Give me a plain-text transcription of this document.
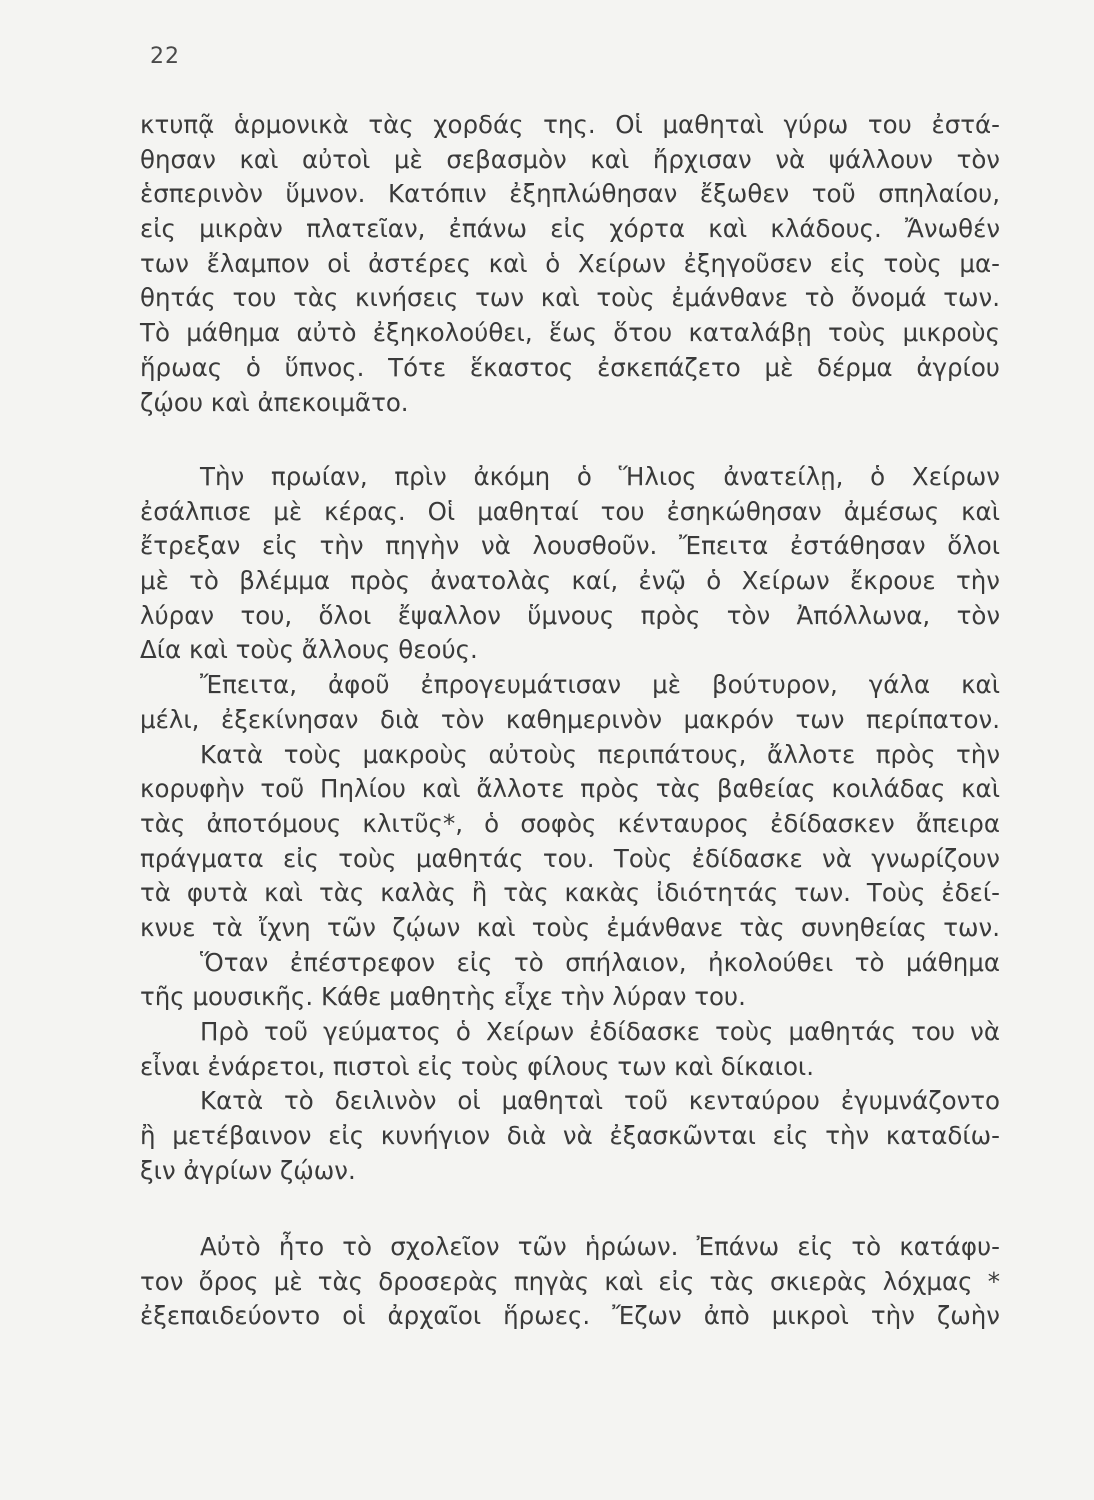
22
κτυπᾷ ἁρμονικὰ τὰς χορδάς της. Οἱ μαθηταὶ γύρω του ἐστά-
θησαν καὶ αὐτοὶ μὲ σεβασμὸν καὶ ἤρχισαν νὰ ψάλλουν τὸν
ἑσπερινὸν ὕμνον. Κατόπιν ἐξηπλώθησαν ἔξωθεν τοῦ σπηλαίου,
εἰς μικρὰν πλατεῖαν, ἐπάνω εἰς χόρτα καὶ κλάδους. Ἄνωθέν
των ἔλαμπον οἱ ἀστέρες καὶ ὁ Χείρων ἐξηγοῦσεν εἰς τοὺς μα-
θητάς του τὰς κινήσεις των καὶ τοὺς ἐμάνθανε τὸ ὄνομά των.
Τὸ μάθημα αὐτὸ ἐξηκολούθει, ἕως ὅτου καταλάβῃ τοὺς μικροὺς
ἥρωας ὁ ὕπνος. Τότε ἕκαστος ἐσκεπάζετο μὲ δέρμα ἀγρίου
ζῴου καὶ ἀπεκοιμᾶτο.
Τὴν πρωίαν, πρὶν ἀκόμη ὁ Ἥλιος ἀνατείλῃ, ὁ Χείρων
ἐσάλπισε μὲ κέρας. Οἱ μαθηταί του ἐσηκώθησαν ἀμέσως καὶ
ἔτρεξαν εἰς τὴν πηγὴν νὰ λουσθοῦν. Ἔπειτα ἐστάθησαν ὅλοι
μὲ τὸ βλέμμα πρὸς ἀνατολὰς καί, ἐνῷ ὁ Χείρων ἔκρουε τὴν
λύραν του, ὅλοι ἔψαλλον ὕμνους πρὸς τὸν Ἀπόλλωνα, τὸν
Δία καὶ τοὺς ἄλλους θεούς.
Ἔπειτα, ἀφοῦ ἐπρογευμάτισαν μὲ βούτυρον, γάλα καὶ
μέλι, ἐξεκίνησαν διὰ τὸν καθημερινὸν μακρόν των περίπατον.
Κατὰ τοὺς μακροὺς αὐτοὺς περιπάτους, ἄλλοτε πρὸς τὴν
κορυφὴν τοῦ Πηλίου καὶ ἄλλοτε πρὸς τὰς βαθείας κοιλάδας καὶ
τὰς ἀποτόμους κλιτῦς*, ὁ σοφὸς κένταυρος ἐδίδασκεν ἄπειρα
πράγματα εἰς τοὺς μαθητάς του. Τοὺς ἐδίδασκε νὰ γνωρίζουν
τὰ φυτὰ καὶ τὰς καλὰς ἢ τὰς κακὰς ἰδιότητάς των. Τοὺς ἐδεί-
κνυε τὰ ἴχνη τῶν ζῴων καὶ τοὺς ἐμάνθανε τὰς συνηθείας των.
Ὅταν ἐπέστρεφον εἰς τὸ σπήλαιον, ἠκολούθει τὸ μάθημα
τῆς μουσικῆς. Κάθε μαθητὴς εἶχε τὴν λύραν του.
Πρὸ τοῦ γεύματος ὁ Χείρων ἐδίδασκε τοὺς μαθητάς του νὰ
εἶναι ἐνάρετοι, πιστοὶ εἰς τοὺς φίλους των καὶ δίκαιοι.
Κατὰ τὸ δειλινὸν οἱ μαθηταὶ τοῦ κενταύρου ἐγυμνάζοντο
ἢ μετέβαινον εἰς κυνήγιον διὰ νὰ ἐξασκῶνται εἰς τὴν καταδίω-
ξιν ἀγρίων ζῴων.
Αὐτὸ ἦτο τὸ σχολεῖον τῶν ἡρώων. Ἐπάνω εἰς τὸ κατάφυ-
τον ὄρος μὲ τὰς δροσερὰς πηγὰς καὶ εἰς τὰς σκιερὰς λόχμας *
ἐξεπαιδεύοντο οἱ ἀρχαῖοι ἥρωες. Ἔζων ἀπὸ μικροὶ τὴν ζωὴν
